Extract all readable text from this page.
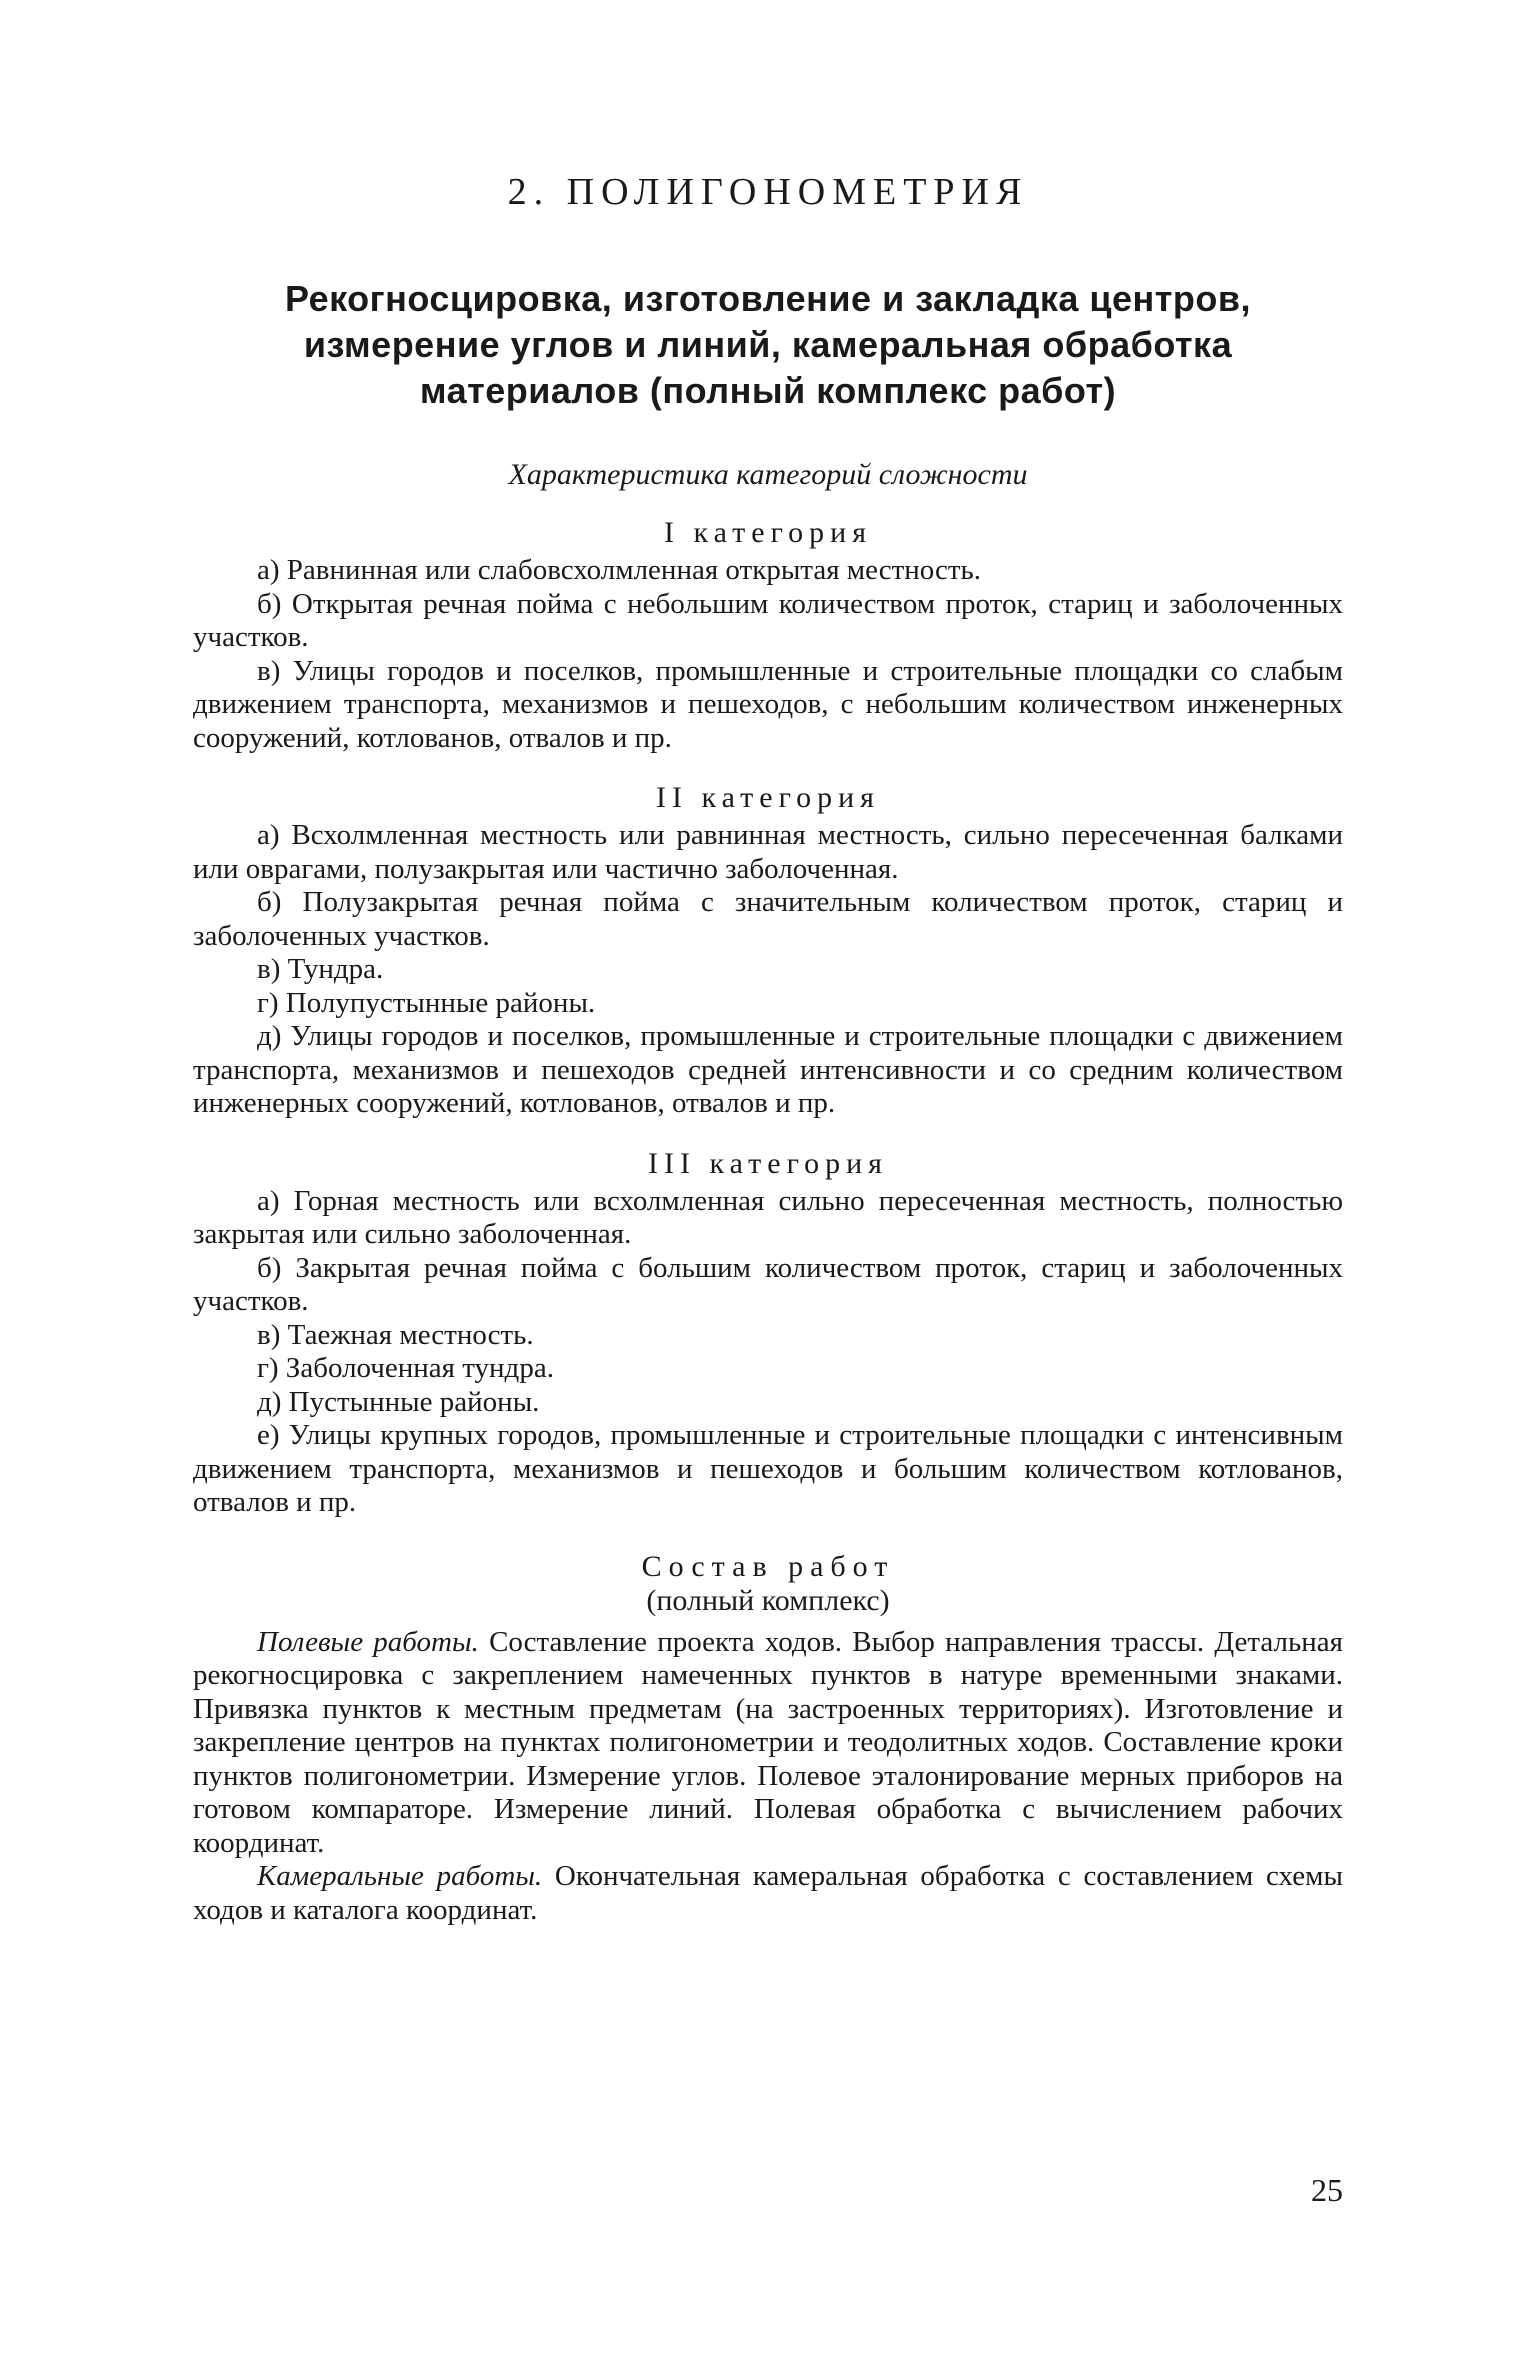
2. ПОЛИГОНОМЕТРИЯ
Рекогносцировка, изготовление и закладка центров,
измерение углов и линий, камеральная обработка
материалов (полный комплекс работ)
Характеристика категорий сложности
I категория

а) Равнинная или слабовсхолмленная открытая местность.

б) Открытая речная пойма с небольшим количеством проток, стариц и заболоченных участков.

в) Улицы городов и поселков, промышленные и строительные площадки со слабым движением транспорта, механизмов и пешеходов, с небольшим количеством инженерных сооружений, котлованов, отвалов и пр.

II категория

а) Всхолмленная местность или равнинная местность, сильно пересеченная балками или оврагами, полузакрытая или частично заболоченная.

б) Полузакрытая речная пойма с значительным количеством проток, стариц и заболоченных участков.

в) Тундра.

г) Полупустынные районы.

д) Улицы городов и поселков, промышленные и строительные площадки с движением транспорта, механизмов и пешеходов средней интенсивности и со средним количеством инженерных сооружений, котлованов, отвалов и пр.

III категория

а) Горная местность или всхолмленная сильно пересеченная местность, полностью закрытая или сильно заболоченная.

б) Закрытая речная пойма с большим количеством проток, стариц и заболоченных участков.

в) Таежная местность.

г) Заболоченная тундра.

д) Пустынные районы.

е) Улицы крупных городов, промышленные и строительные площадки с интенсивным движением транспорта, механизмов и пешеходов и большим количеством котлованов, отвалов и пр.

Состав работ
(полный комплекс)

Полевые работы. Составление проекта ходов. Выбор направления трассы. Детальная рекогносцировка с закреплением намеченных пунктов в натуре временными знаками. Привязка пунктов к местным предметам (на застроенных территориях). Изготовление и закрепление центров на пунктах полигонометрии и теодолитных ходов. Составление кроки пунктов полигонометрии. Измерение углов. Полевое эталонирование мерных приборов на готовом компараторе. Измерение линий. Полевая обработка с вычислением рабочих координат.

Камеральные работы. Окончательная камеральная обработка с составлением схемы ходов и каталога координат.

25
